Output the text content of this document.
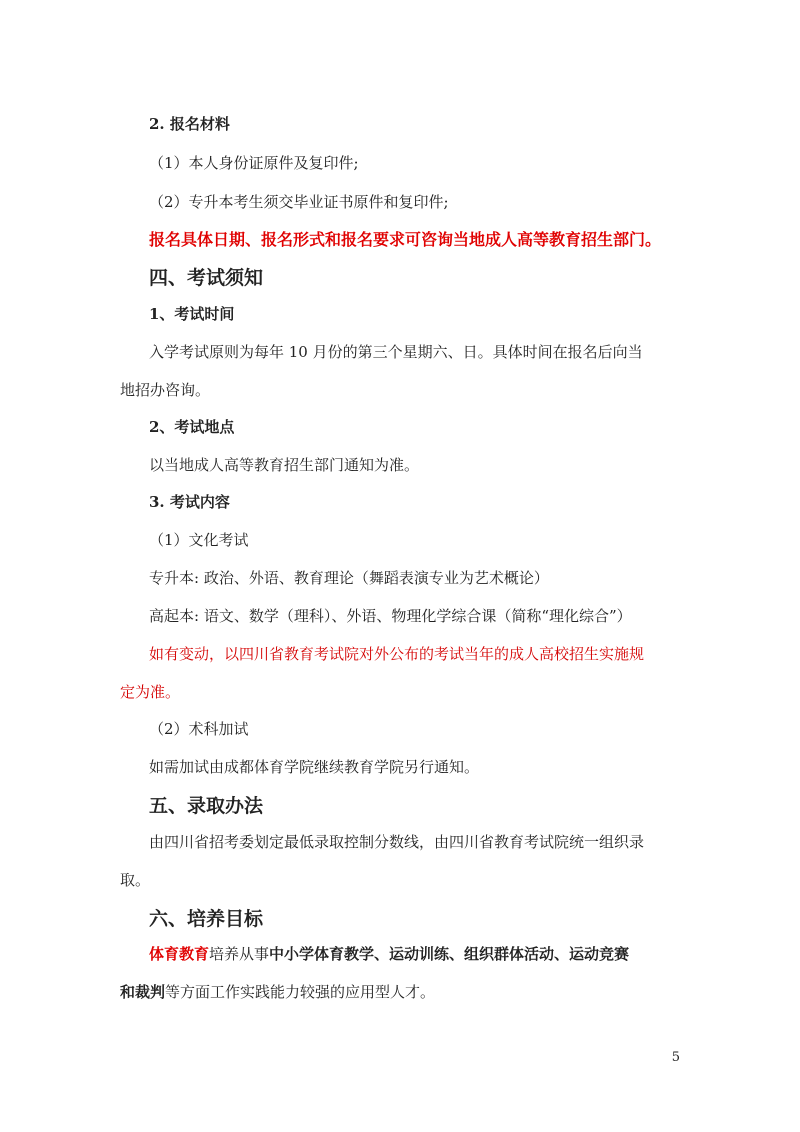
2. 报名材料
（1）本人身份证原件及复印件;
（2）专升本考生须交毕业证书原件和复印件;
报名具体日期、报名形式和报名要求可咨询当地成人高等教育招生部门。
四、考试须知
1、考试时间
入学考试原则为每年 10 月份的第三个星期六、日。具体时间在报名后向当
地招办咨询。
2、考试地点
以当地成人高等教育招生部门通知为准。
3. 考试内容
（1）文化考试
专升本: 政治、外语、教育理论（舞蹈表演专业为艺术概论）
高起本: 语文、数学（理科）、外语、物理化学综合课（简称“理化综合”）
如有变动，以四川省教育考试院对外公布的考试当年的成人高校招生实施规
定为准。
（2）术科加试
如需加试由成都体育学院继续教育学院另行通知。
五、录取办法
由四川省招考委划定最低录取控制分数线，由四川省教育考试院统一组织录
取。
六、培养目标
体育教育培养从事中小学体育教学、运动训练、组织群体活动、运动竞赛
和裁判等方面工作实践能力较强的应用型人才。
5
